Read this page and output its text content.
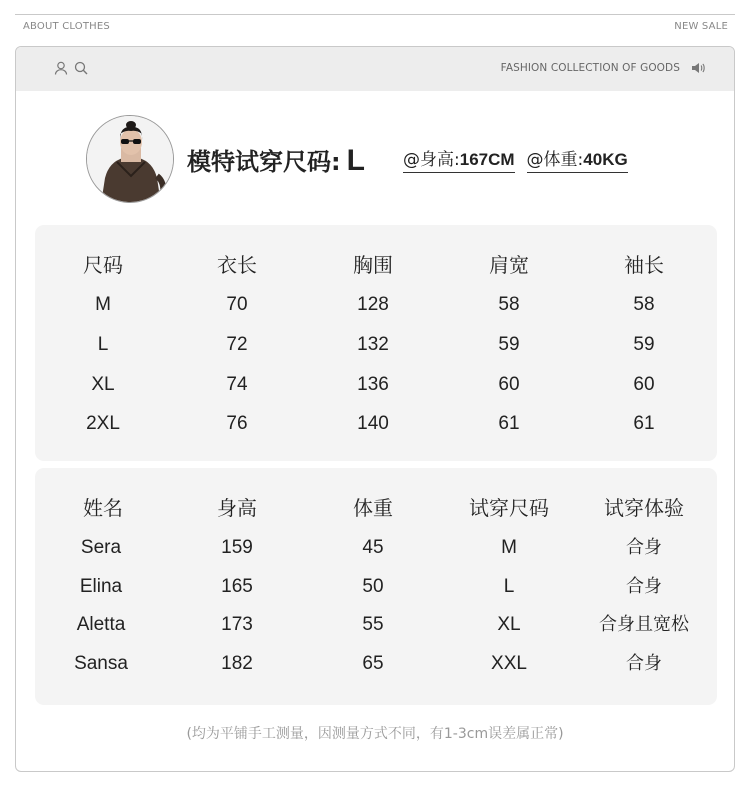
ABOUT CLOTHES	NEW SALE
FASHION COLLECTION OF GOODS
模特试穿尺码: L @身高:167CM @体重:40KG
尺码	衣长	胸围	肩宽	袖长
M	70	128	58	58
L	72	132	59	59
XL	74	136	60	60
2XL	76	140	61	61
姓名	身高	体重	试穿尺码	试穿体验
Sera	159	45	M	合身
Elina	165	50	L	合身
Aletta	173	55	XL	合身且宽松
Sansa	182	65	XXL	合身
(均为平铺手工测量，因测量方式不同，有1-3cm误差属正常)
